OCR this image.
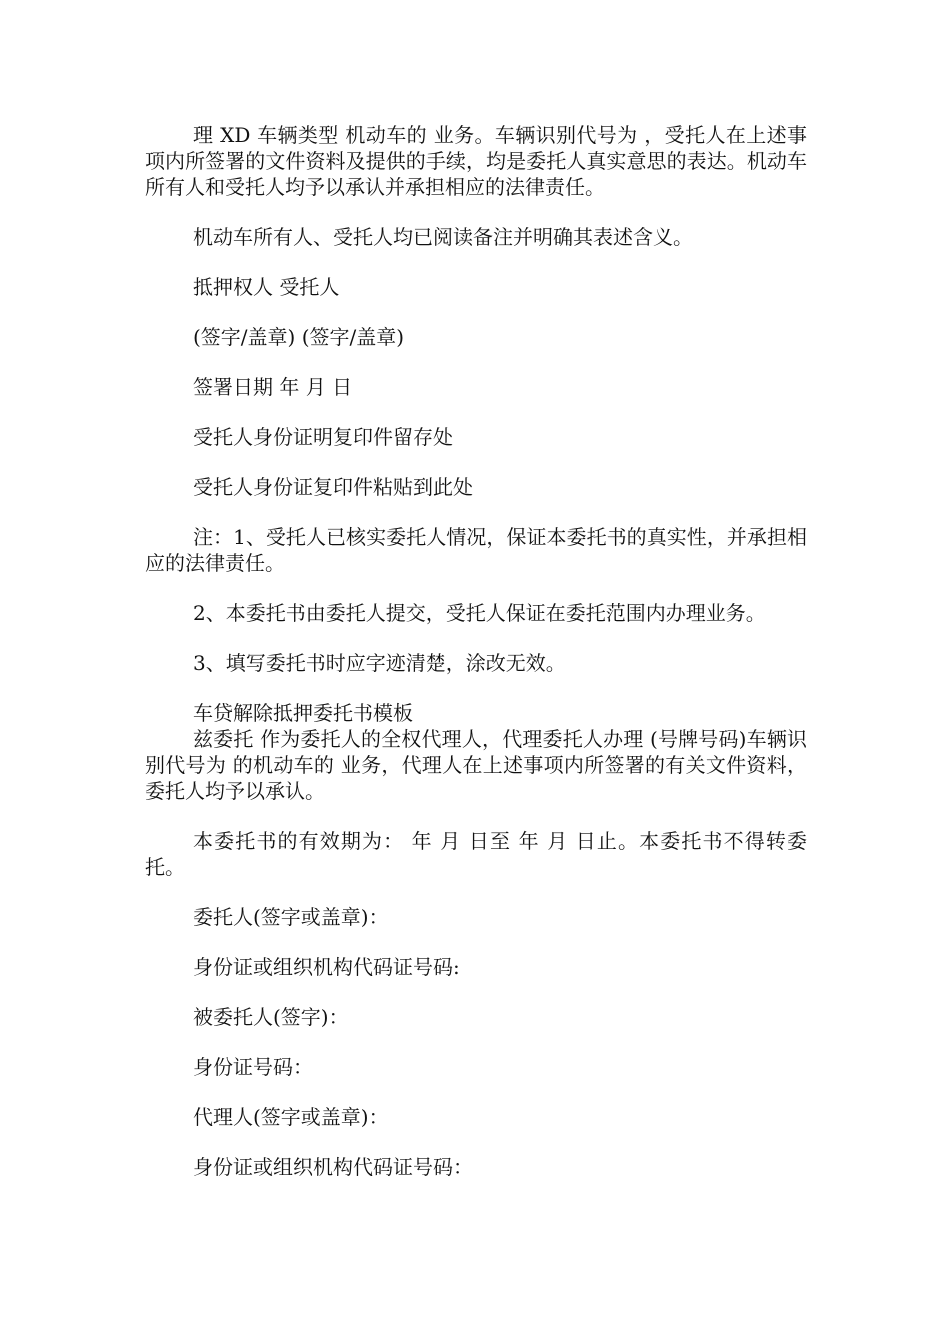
理 XD 车辆类型 机动车的 业务。车辆识别代号为 ，受托人在上述事项内所签署的文件资料及提供的手续，均是委托人真实意思的表达。机动车所有人和受托人均予以承认并承担相应的法律责任。

机动车所有人、受托人均已阅读备注并明确其表述含义。

抵押权人 受托人

(签字/盖章) (签字/盖章)

签署日期 年 月 日

受托人身份证明复印件留存处

受托人身份证复印件粘贴到此处

注：1、受托人已核实委托人情况，保证本委托书的真实性，并承担相应的法律责任。

2、本委托书由委托人提交，受托人保证在委托范围内办理业务。

3、填写委托书时应字迹清楚，涂改无效。

车贷解除抵押委托书模板

兹委托 作为委托人的全权代理人，代理委托人办理 (号牌号码)车辆识别代号为 的机动车的 业务，代理人在上述事项内所签署的有关文件资料，委托人均予以承认。

本委托书的有效期为： 年 月 日至 年 月 日止。本委托书不得转委托。

委托人(签字或盖章)：

身份证或组织机构代码证号码:

被委托人(签字)：

身份证号码：

代理人(签字或盖章)：

身份证或组织机构代码证号码：
